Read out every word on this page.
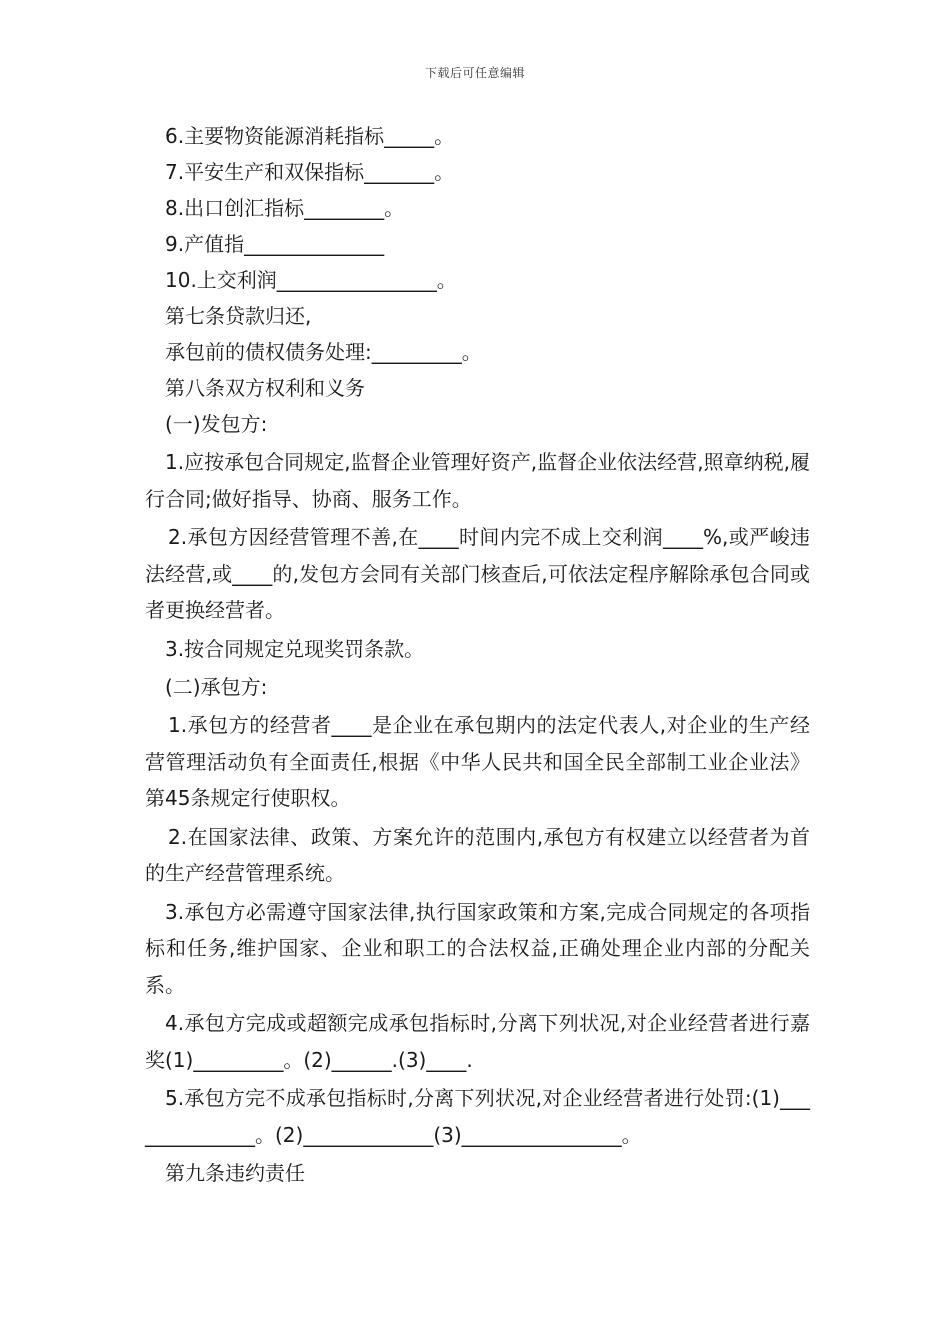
下载后可任意编辑

6.主要物资能源消耗指标_____。

7.平安生产和双保指标_______。

8.出口创汇指标________。

9.产值指______________

10.上交利润________________。

第七条贷款归还,

承包前的债权债务处理:_________。

第八条双方权利和义务

(一)发包方:

1.应按承包合同规定,监督企业管理好资产,监督企业依法经营,照章纳税,履行合同;做好指导、协商、服务工作。

2.承包方因经营管理不善,在____时间内完不成上交利润____%,或严峻违法经营,或____的,发包方会同有关部门核查后,可依法定程序解除承包合同或者更换经营者。

3.按合同规定兑现奖罚条款。

(二)承包方:

1.承包方的经营者____是企业在承包期内的法定代表人,对企业的生产经营管理活动负有全面责任,根据《中华人民共和国全民全部制工业企业法》第45条规定行使职权。

2.在国家法律、政策、方案允许的范围内,承包方有权建立以经营者为首的生产经营管理系统。

3.承包方必需遵守国家法律,执行国家政策和方案,完成合同规定的各项指标和任务,维护国家、企业和职工的合法权益,正确处理企业内部的分配关系。

4.承包方完成或超额完成承包指标时,分离下列状况,对企业经营者进行嘉奖(1)_________。(2)______.(3)____.

5.承包方完不成承包指标时,分离下列状况,对企业经营者进行处罚:(1)______________。(2)_____________(3)________________。

第九条违约责任
